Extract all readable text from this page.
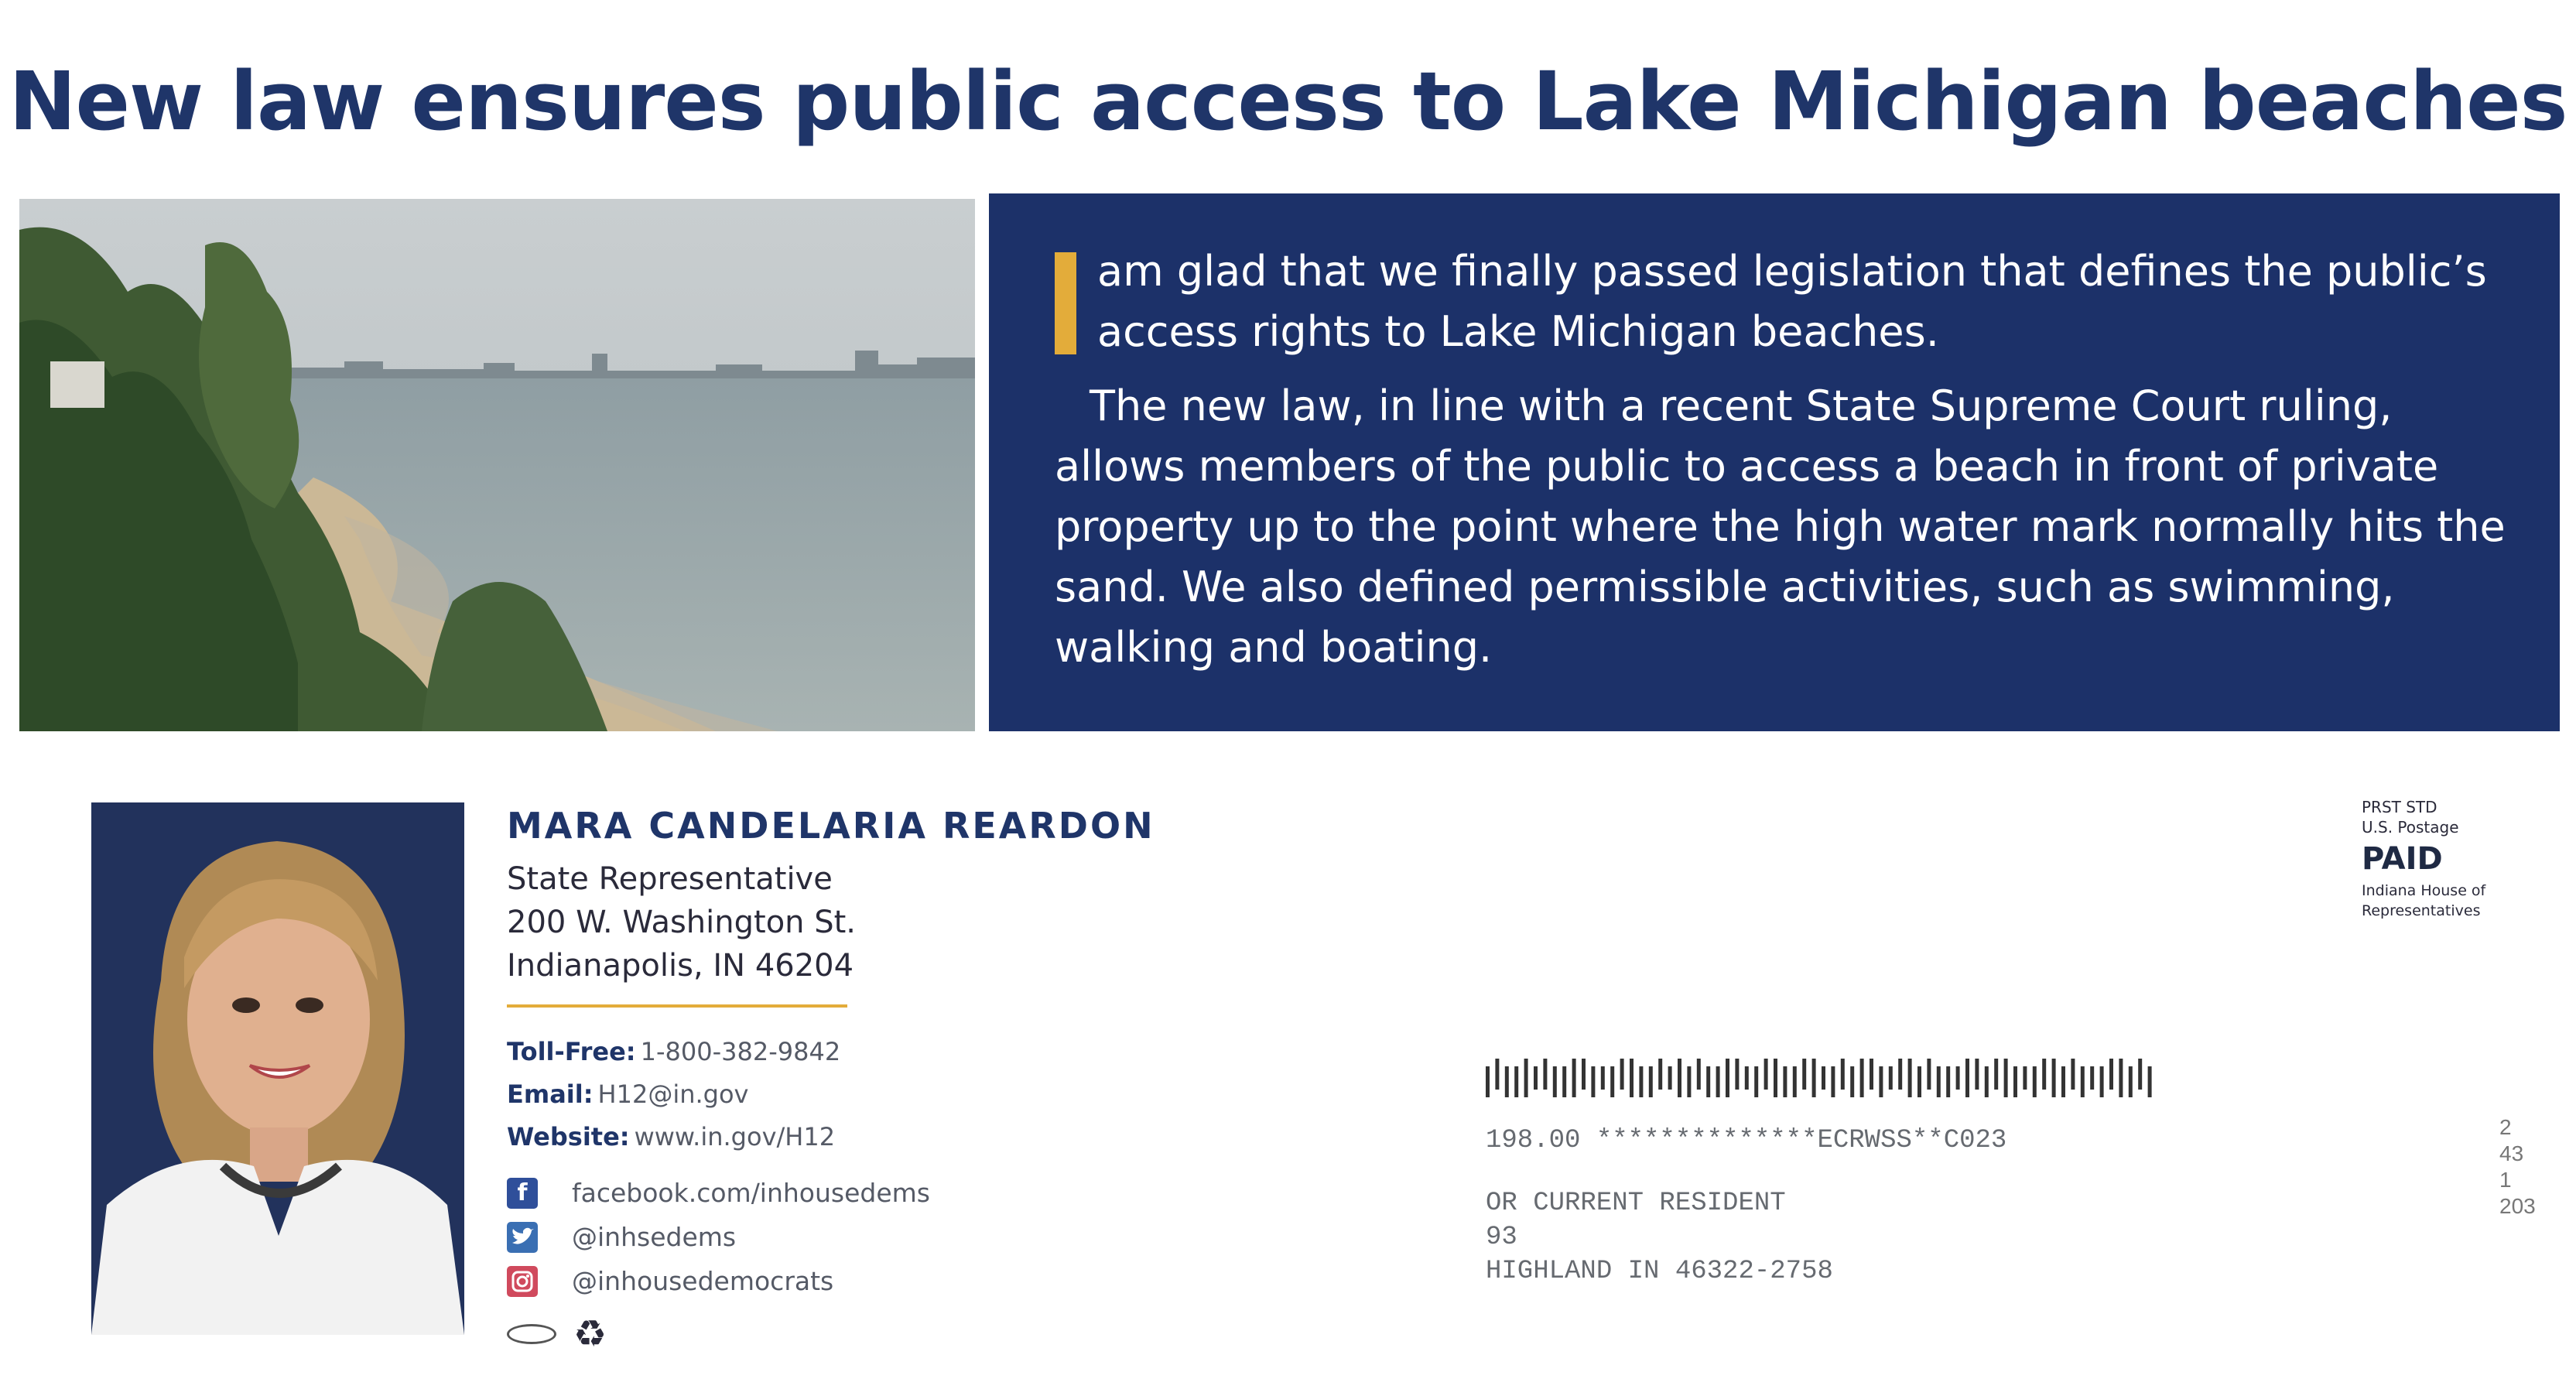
New law ensures public access to Lake Michigan beaches

am glad that we finally passed legislation that defines the public’s access rights to Lake Michigan beaches.

The new law, in line with a recent State Supreme Court ruling, allows members of the public to access a beach in front of private property up to the point where the high water mark normally hits the sand. We also defined permissible activities, such as swimming, walking and boating.

MARA CANDELARIA REARDON
State Representative
200 W. Washington St.
Indianapolis, IN 46204
Toll-Free: 1-800-382-9842
Email: H12@in.gov
Website: www.in.gov/H12
f	facebook.com/inhousedems
@inhsedems
@inhousedemocrats
♻
PRST STD
U.S. Postage
PAID
Indiana House of
Representatives
198.00 **************ECRWSS**C023
OR CURRENT RESIDENT
93
HIGHLAND IN 46322-2758
2
43
1
203
